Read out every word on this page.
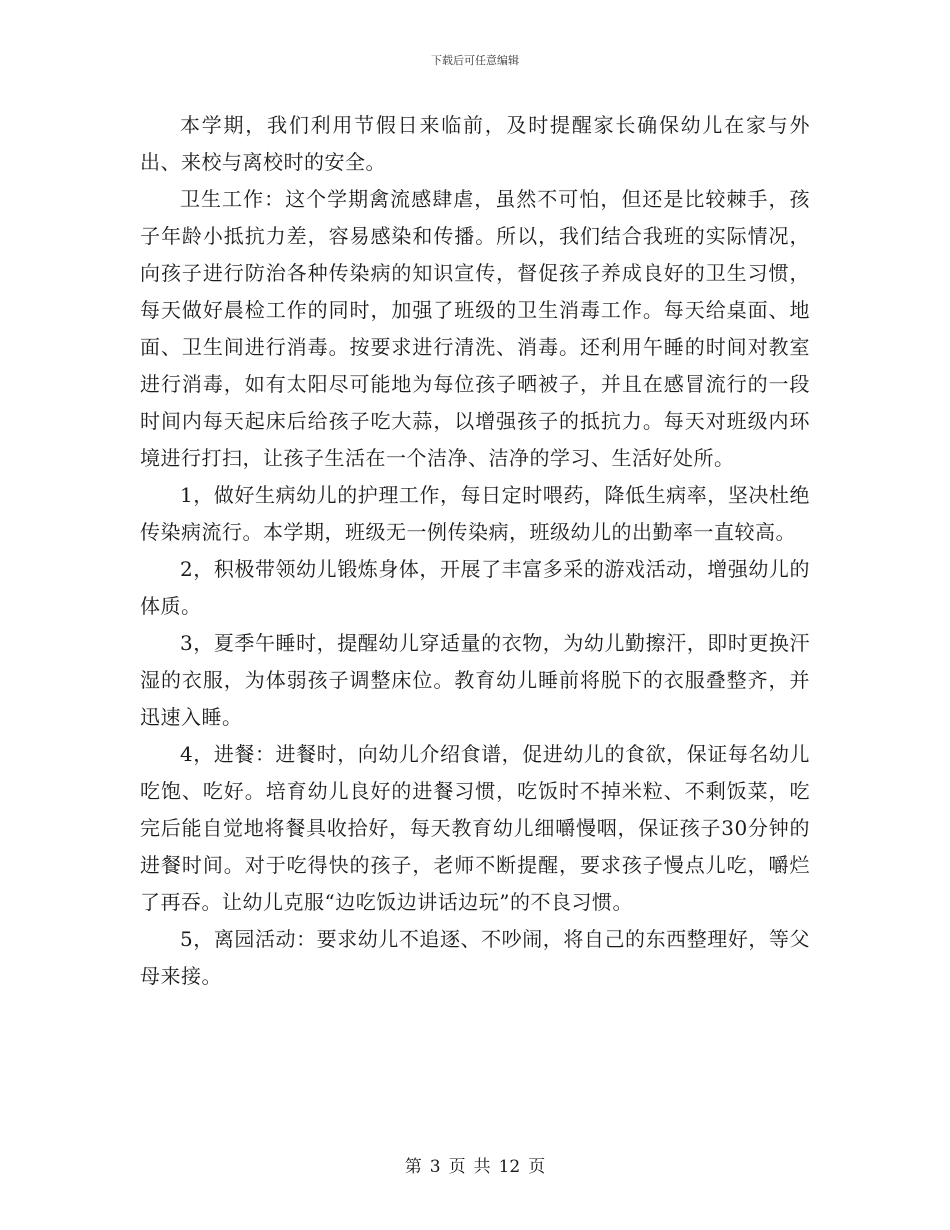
下载后可任意编辑

本学期，我们利用节假日来临前，及时提醒家长确保幼儿在家与外出、来校与离校时的安全。

卫生工作：这个学期禽流感肆虐，虽然不可怕，但还是比较棘手，孩子年龄小抵抗力差，容易感染和传播。所以，我们结合我班的实际情况，向孩子进行防治各种传染病的知识宣传，督促孩子养成良好的卫生习惯，每天做好晨检工作的同时，加强了班级的卫生消毒工作。每天给桌面、地面、卫生间进行消毒。按要求进行清洗、消毒。还利用午睡的时间对教室进行消毒，如有太阳尽可能地为每位孩子晒被子，并且在感冒流行的一段时间内每天起床后给孩子吃大蒜，以增强孩子的抵抗力。每天对班级内环境进行打扫，让孩子生活在一个洁净、洁净的学习、生活好处所。

1，做好生病幼儿的护理工作，每日定时喂药，降低生病率，坚决杜绝传染病流行。本学期，班级无一例传染病，班级幼儿的出勤率一直较高。

2，积极带领幼儿锻炼身体，开展了丰富多采的游戏活动，增强幼儿的体质。

3，夏季午睡时，提醒幼儿穿适量的衣物，为幼儿勤擦汗，即时更换汗湿的衣服，为体弱孩子调整床位。教育幼儿睡前将脱下的衣服叠整齐，并迅速入睡。

4，进餐：进餐时，向幼儿介绍食谱，促进幼儿的食欲，保证每名幼儿吃饱、吃好。培育幼儿良好的进餐习惯，吃饭时不掉米粒、不剩饭菜，吃完后能自觉地将餐具收拾好，每天教育幼儿细嚼慢咽，保证孩子30分钟的进餐时间。对于吃得快的孩子，老师不断提醒，要求孩子慢点儿吃，嚼烂了再吞。让幼儿克服“边吃饭边讲话边玩”的不良习惯。

5，离园活动：要求幼儿不追逐、不吵闹，将自己的东西整理好，等父母来接。

第 3 页 共 12 页
